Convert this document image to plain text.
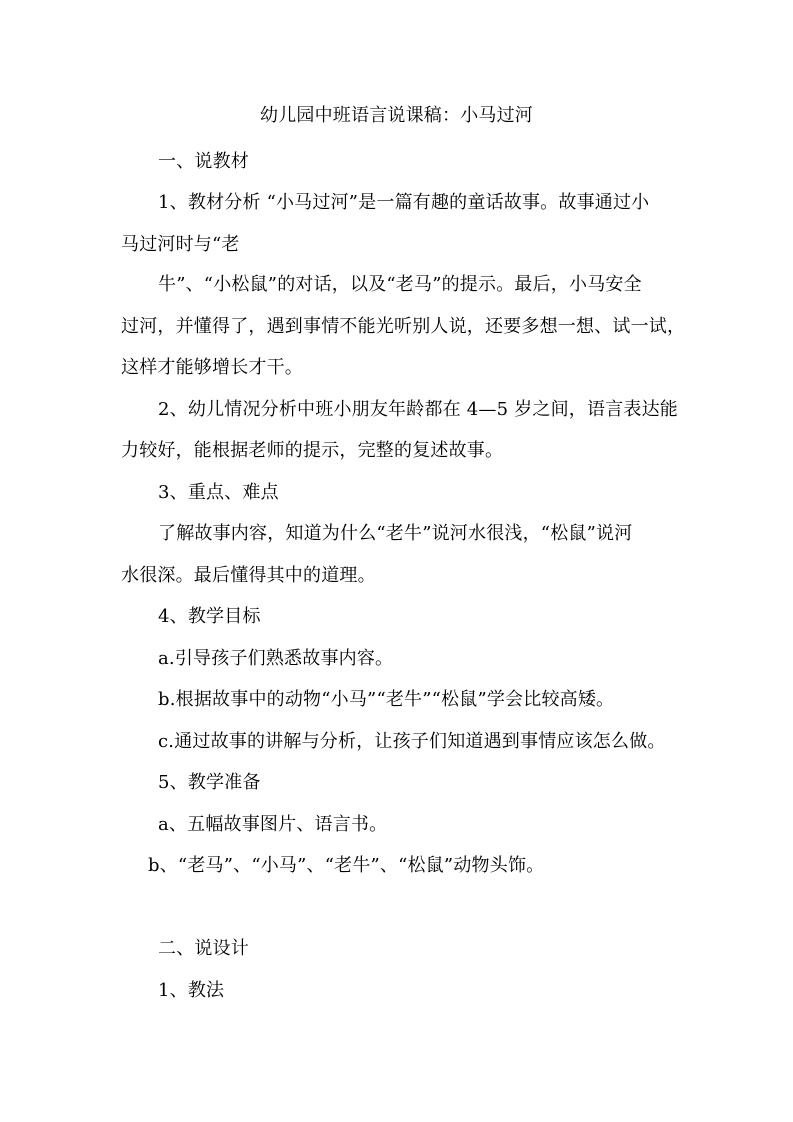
幼儿园中班语言说课稿：小马过河
一、说教材
1、教材分析 “小马过河”是一篇有趣的童话故事。故事通过小
马过河时与“老
牛”、“小松鼠”的对话，以及“老马”的提示。最后，小马安全
过河，并懂得了，遇到事情不能光听别人说，还要多想一想、试一试，
这样才能够增长才干。
2、幼儿情况分析中班小朋友年龄都在 4—5 岁之间，语言表达能
力较好，能根据老师的提示，完整的复述故事。
3、重点、难点
了解故事内容，知道为什么“老牛”说河水很浅，“松鼠”说河
水很深。最后懂得其中的道理。
4、教学目标
a.引导孩子们熟悉故事内容。
b.根据故事中的动物“小马”“老牛”“松鼠”学会比较高矮。
c.通过故事的讲解与分析，让孩子们知道遇到事情应该怎么做。
5、教学准备
a、五幅故事图片、语言书。
b、“老马”、“小马”、“老牛”、“松鼠”动物头饰。
二、说设计
1、教法
